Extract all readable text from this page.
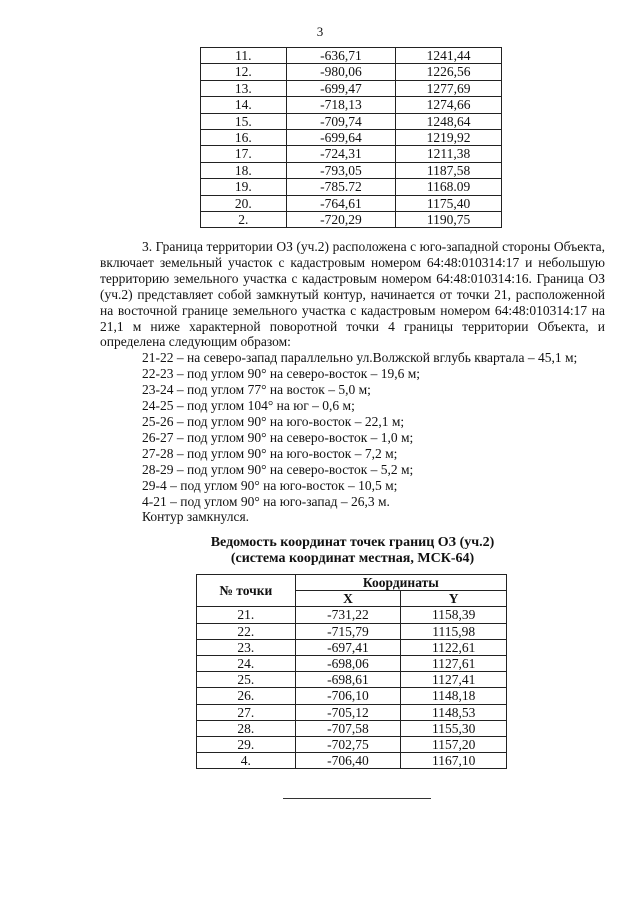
3
11.	-636,71	1241,44
12.	-980,06	1226,56
13.	-699,47	1277,69
14.	-718,13	1274,66
15.	-709,74	1248,64
16.	-699,64	1219,92
17.	-724,31	1211,38
18.	-793,05	1187,58
19.	-785.72	1168.09
20.	-764,61	1175,40
2.	-720,29	1190,75

3. Граница территории ОЗ (уч.2) расположена с юго-западной стороны Объекта, включает земельный участок с кадастровым номером 64:48:010314:17 и небольшую территорию земельного участка с кадастровым номером 64:48:010314:16. Граница ОЗ (уч.2) представляет собой замкнутый контур, начинается от точки 21, расположенной на восточной границе земельного участка с кадастровым номером 64:48:010314:17 на 21,1 м ниже характерной поворотной точки 4 границы территории Объекта, и определена следующим образом:

21-22 – на северо-запад параллельно ул.Волжской вглубь квартала – 45,1 м;

22-23 – под углом 90° на северо-восток – 19,6 м;

23-24 – под углом 77° на восток – 5,0 м;

24-25 – под углом 104° на юг – 0,6 м;

25-26 – под углом 90° на юго-восток – 22,1 м;

26-27 – под углом 90° на северо-восток – 1,0 м;

27-28 – под углом 90° на юго-восток – 7,2 м;

28-29 – под углом 90° на северо-восток – 5,2 м;

29-4 – под углом 90° на юго-восток – 10,5 м;

4-21 – под углом 90° на юго-запад – 26,3 м.

Контур замкнулся.

Ведомость координат точек границ ОЗ (уч.2)
(система координат местная, МСК-64)
№ точки	Координаты	
	X	Y
21.	-731,22	1158,39
22.	-715,79	1115,98
23.	-697,41	1122,61
24.	-698,06	1127,61
25.	-698,61	1127,41
26.	-706,10	1148,18
27.	-705,12	1148,53
28.	-707,58	1155,30
29.	-702,75	1157,20
4.	-706,40	1167,10
